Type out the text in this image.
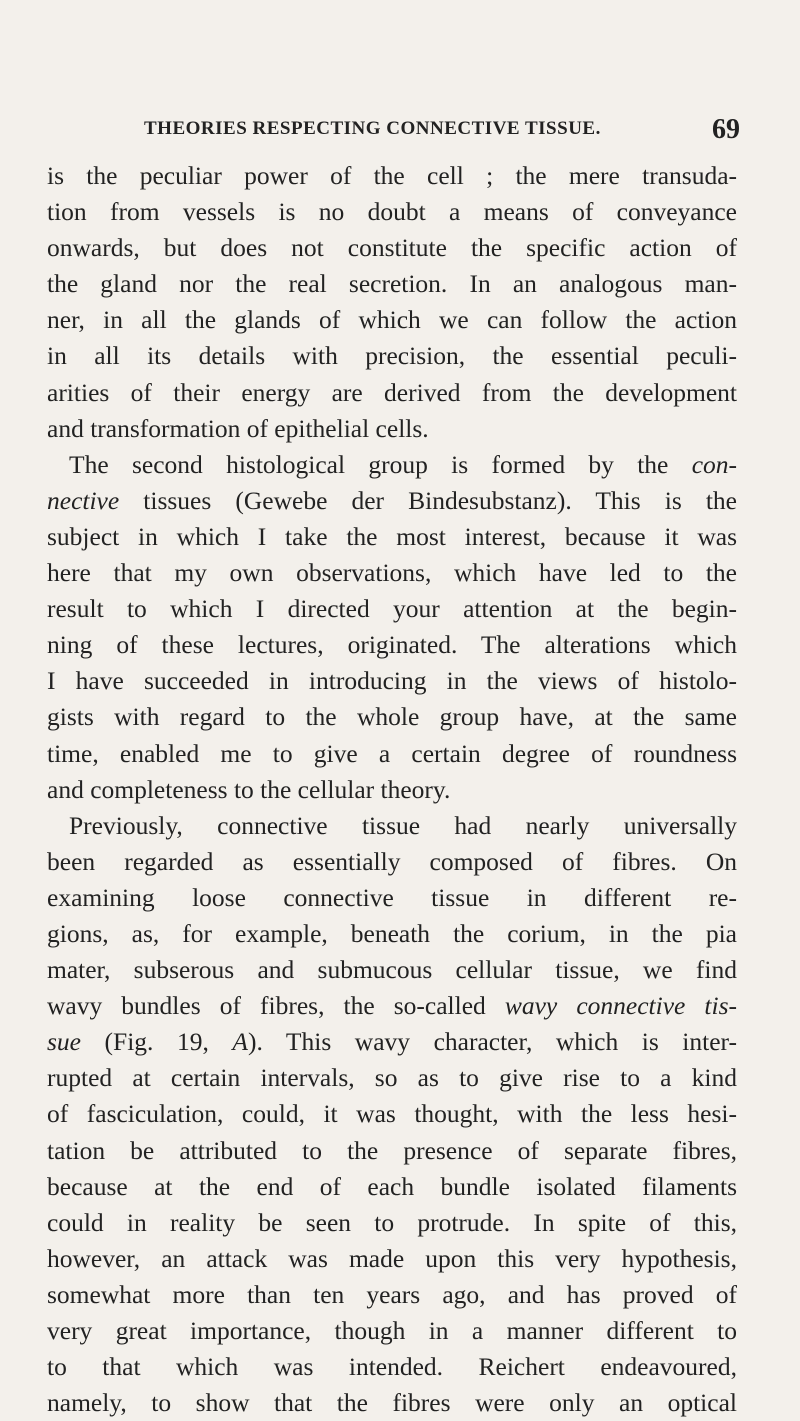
THEORIES RESPECTING CONNECTIVE TISSUE.	69
is the peculiar power of the cell ; the mere transuda-
tion from vessels is no doubt a means of conveyance
onwards, but does not constitute the specific action of
the gland nor the real secretion. In an analogous man-
ner, in all the glands of which we can follow the action
in all its details with precision, the essential peculi-
arities of their energy are derived from the development
and transformation of epithelial cells.
The second histological group is formed by the con-
nective tissues (Gewebe der Bindesubstanz). This is the
subject in which I take the most interest, because it was
here that my own observations, which have led to the
result to which I directed your attention at the begin-
ning of these lectures, originated. The alterations which
I have succeeded in introducing in the views of histolo-
gists with regard to the whole group have, at the same
time, enabled me to give a certain degree of roundness
and completeness to the cellular theory.
Previously, connective tissue had nearly universally
been regarded as essentially composed of fibres. On
examining loose connective tissue in different re-
gions, as, for example, beneath the corium, in the pia
mater, subserous and submucous cellular tissue, we find
wavy bundles of fibres, the so-called wavy connective tis-
sue (Fig. 19, A). This wavy character, which is inter-
rupted at certain intervals, so as to give rise to a kind
of fasciculation, could, it was thought, with the less hesi-
tation be attributed to the presence of separate fibres,
because at the end of each bundle isolated filaments
could in reality be seen to protrude. In spite of this,
however, an attack was made upon this very hypothesis,
somewhat more than ten years ago, and has proved of
very great importance, though in a manner different to
to that which was intended. Reichert endeavoured,
namely, to show that the fibres were only an optical
